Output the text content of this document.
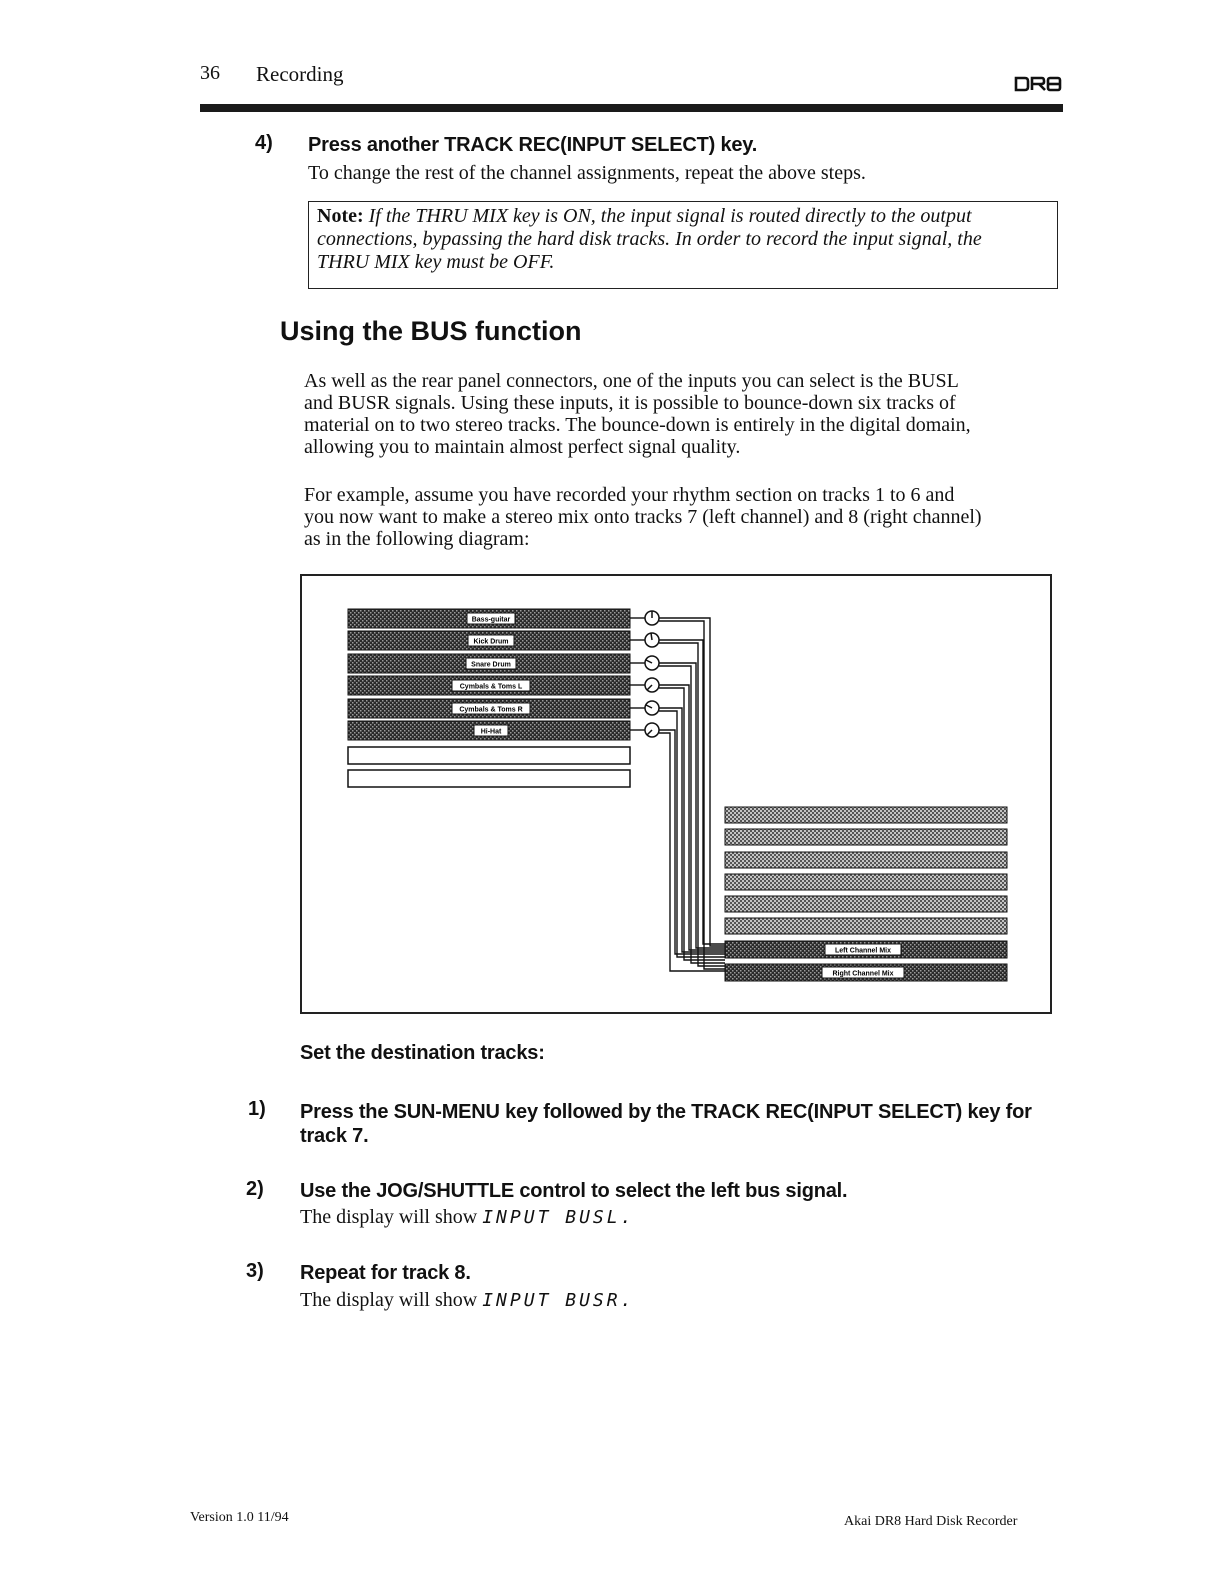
36 Recording
4) Press another TRACK REC(INPUT SELECT) key.
To change the rest of the channel assignments, repeat the above steps.
Note: If the THRU MIX key is ON, the input signal is routed directly to the output
connections, bypassing the hard disk tracks. In order to record the input signal, the
THRU MIX key must be OFF.
Using the BUS function
As well as the rear panel connectors, one of the inputs you can select is the BUSL
and BUSR signals. Using these inputs, it is possible to bounce-down six tracks of
material on to two stereo tracks. The bounce-down is entirely in the digital domain,
allowing you to maintain almost perfect signal quality.
For example, assume you have recorded your rhythm section on tracks 1 to 6 and
you now want to make a stereo mix onto tracks 7 (left channel) and 8 (right channel)
as in the following diagram:
Bass-guitar
Kick Drum
Snare Drum
Cymbals & Toms L
Cymbals & Toms R
Hi-Hat
Left Channel Mix
Right Channel Mix
Set the destination tracks:
1) Press the SUN-MENU key followed by the TRACK REC(INPUT SELECT) key for
track 7.
2) Use the JOG/SHUTTLE control to select the left bus signal.
The display will show INPUT BUSL.
3) Repeat for track 8.
The display will show INPUT BUSR.
Version 1.0 11/94	Akai DR8 Hard Disk Recorder
